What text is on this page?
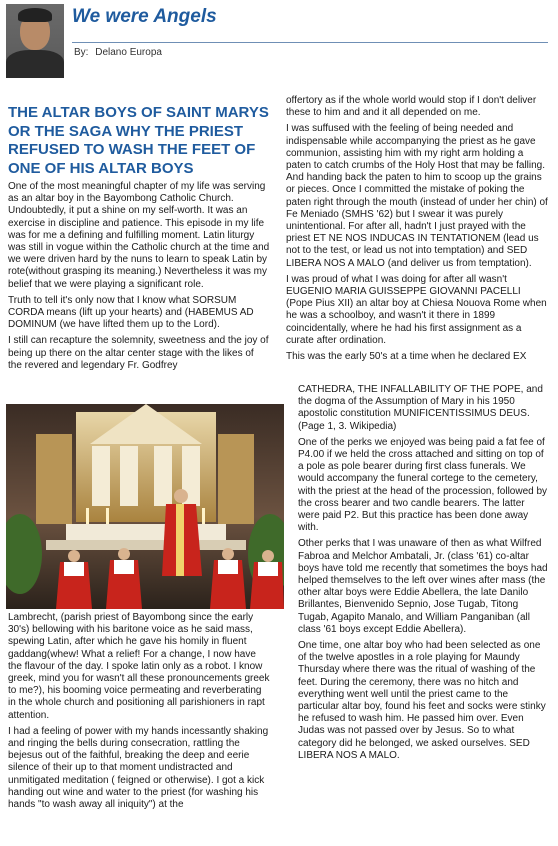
We were Angels
By: Delano Europa
THE ALTAR BOYS OF SAINT MARYS OR THE SAGA WHY THE PRIEST REFUSED TO WASH THE FEET OF ONE OF HIS ALTAR BOYS

One of the most meaningful chapter of my life was serving as an altar boy in the Bayombong Catholic Church. Undoubtedly, it put a shine on my self-worth. It was an exercise in discipline and patience. This episode in my life was for me a defining and fulfilling moment. Latin liturgy was still in vogue within the Catholic church at the time and we were driven hard by the nuns to learn to speak Latin by rote(without grasping its meaning.) Nevertheless it was my belief that we were playing a significant role.

Truth to tell it's only now that I know what SORSUM CORDA means (lift up your hearts) and (HABEMUS AD DOMINUM (we have lifted them up to the Lord).

I still can recapture the solemnity, sweetness and the joy of being up there on the altar center stage with the likes of the revered and legendary Fr. Godfrey

Lambrecht, (parish priest of Bayombong since the early 30's) bellowing with his baritone voice as he said mass, spewing Latin, after which he gave his homily in fluent gaddang(whew! What a relief! For a change, I now have the flavour of the day. I spoke latin only as a robot. I know greek, mind you for wasn't all these pronouncements greek to me?), his booming voice permeating and reverberating in the whole church and positioning all parishioners in rapt attention.

I had a feeling of power with my hands incessantly shaking and ringing the bells during consecration, rattling the bejesus out of the faithful, breaking the deep and eerie silence of their up to that moment undistracted and unmitigated meditation ( feigned or otherwise). I got a kick handing out wine and water to the priest (for washing his hands "to wash away all iniquity") at the

offertory as if the whole world would stop if I don't deliver these to him and and it all depended on me.

I was suffused with the feeling of being needed and indispensable while accompanying the priest as he gave communion, assisting him with my right arm holding a paten to catch crumbs of the Holy Host that may be falling. And handing back the paten to him to scoop up the grains or pieces. Once I committed the mistake of poking the paten right through the mouth (instead of under her chin) of Fe Meniado (SMHS '62) but I swear it was purely unintentional. For after all, hadn't I just prayed with the priest ET NE NOS INDUCAS IN TENTATIONEM (lead us not to the test, or lead us not into temptation) and SED LIBERA NOS A MALO (and deliver us from temptation).

I was proud of what I was doing for after all wasn't EUGENIO MARIA GUISSEPPE GIOVANNI PACELLI (Pope Pius XII) an altar boy at Chiesa Nouova Rome when he was a schoolboy, and wasn't it there in 1899 coincidentally, where he had his first assignment as a curate after ordination.

This was the early 50's at a time when he declared EX

CATHEDRA, THE INFALLABILITY OF THE POPE, and the dogma of the Assumption of Mary in his 1950 apostolic constitution MUNIFICENTISSIMUS DEUS.(Page 1, 3. Wikipedia)

One of the perks we enjoyed was being paid a fat fee of P4.00 if we held the cross attached and sitting on top of a pole as pole bearer during first class funerals. We would accompany the funeral cortege to the cemetery, with the priest at the head of the procession, followed by the cross bearer and two candle bearers. The latter were paid P2. But this practice has been done away with.

Other perks that I was unaware of then as what Wilfred Fabroa and Melchor Ambatali, Jr. (class '61) co-altar boys have told me recently that sometimes the boys had helped themselves to the left over wines after mass (the other altar boys were Eddie Abellera, the late Danilo Brillantes, Bienvenido Sepnio, Jose Tugab, Titong Tugab, Agapito Manalo, and William Panganiban (all class '61 boys except Eddie Abellera).

One time, one altar boy who had been selected as one of the twelve apostles in a role playing for Maundy Thursday where there was the ritual of washing of the feet. During the ceremony, there was no hitch and everything went well until the priest came to the particular altar boy, found his feet and socks were stinky he refused to wash him. He passed him over. Even Judas was not passed over by Jesus. So to what category did he belonged, we asked ourselves. SED LIBERA NOS A MALO.
